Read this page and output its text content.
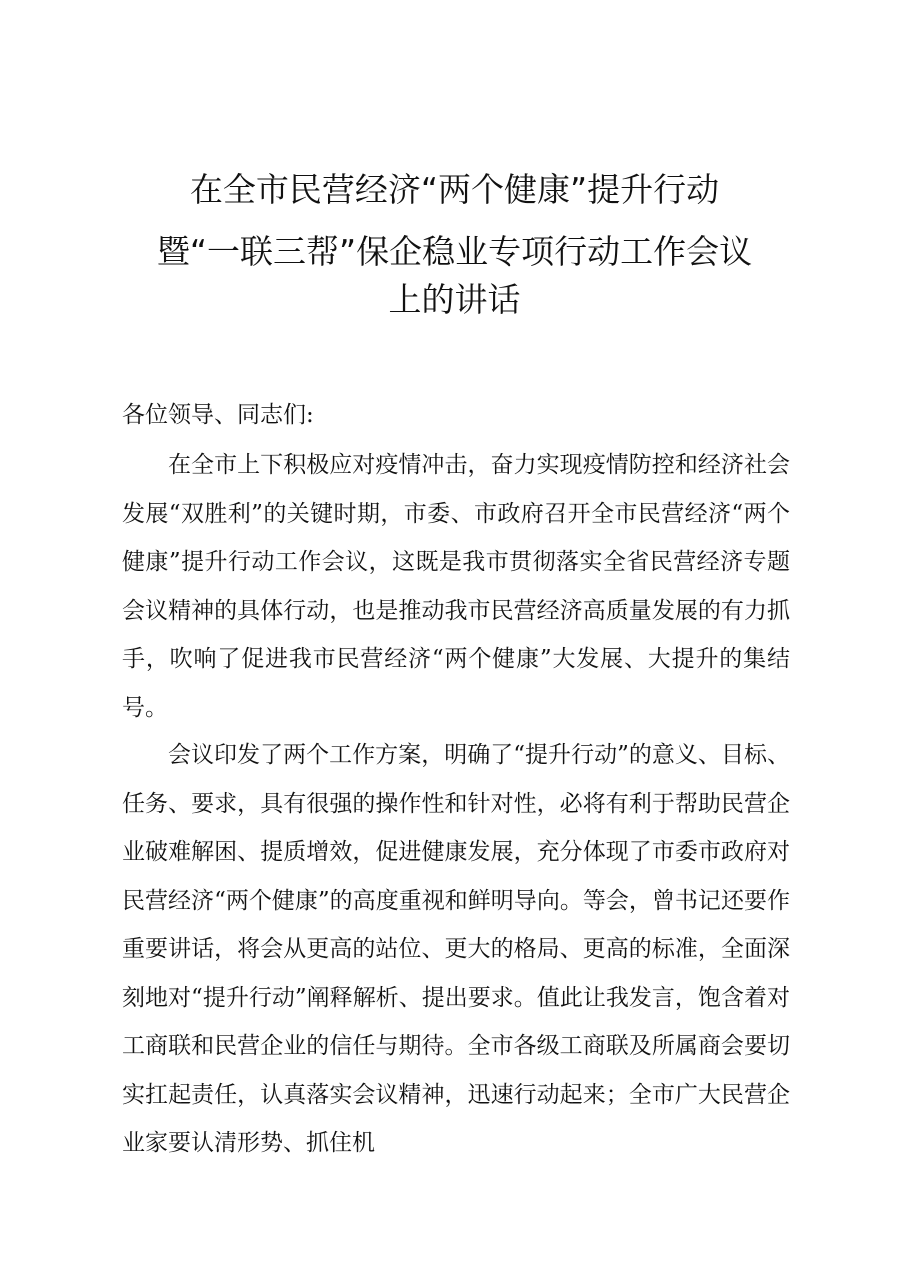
在全市民营经济“两个健康”提升行动
暨“一联三帮”保企稳业专项行动工作会议
上的讲话
各位领导、同志们:

在全市上下积极应对疫情冲击，奋力实现疫情防控和经济社会发展“双胜利”的关键时期，市委、市政府召开全市民营经济“两个健康”提升行动工作会议，这既是我市贯彻落实全省民营经济专题会议精神的具体行动，也是推动我市民营经济高质量发展的有力抓手，吹响了促进我市民营经济“两个健康”大发展、大提升的集结号。

会议印发了两个工作方案，明确了“提升行动”的意义、目标、任务、要求，具有很强的操作性和针对性，必将有利于帮助民营企业破难解困、提质增效，促进健康发展，充分体现了市委市政府对民营经济“两个健康”的高度重视和鲜明导向。等会，曾书记还要作重要讲话，将会从更高的站位、更大的格局、更高的标准，全面深刻地对“提升行动”阐释解析、提出要求。值此让我发言，饱含着对工商联和民营企业的信任与期待。全市各级工商联及所属商会要切实扛起责任，认真落实会议精神，迅速行动起来；全市广大民营企业家要认清形势、抓住机
